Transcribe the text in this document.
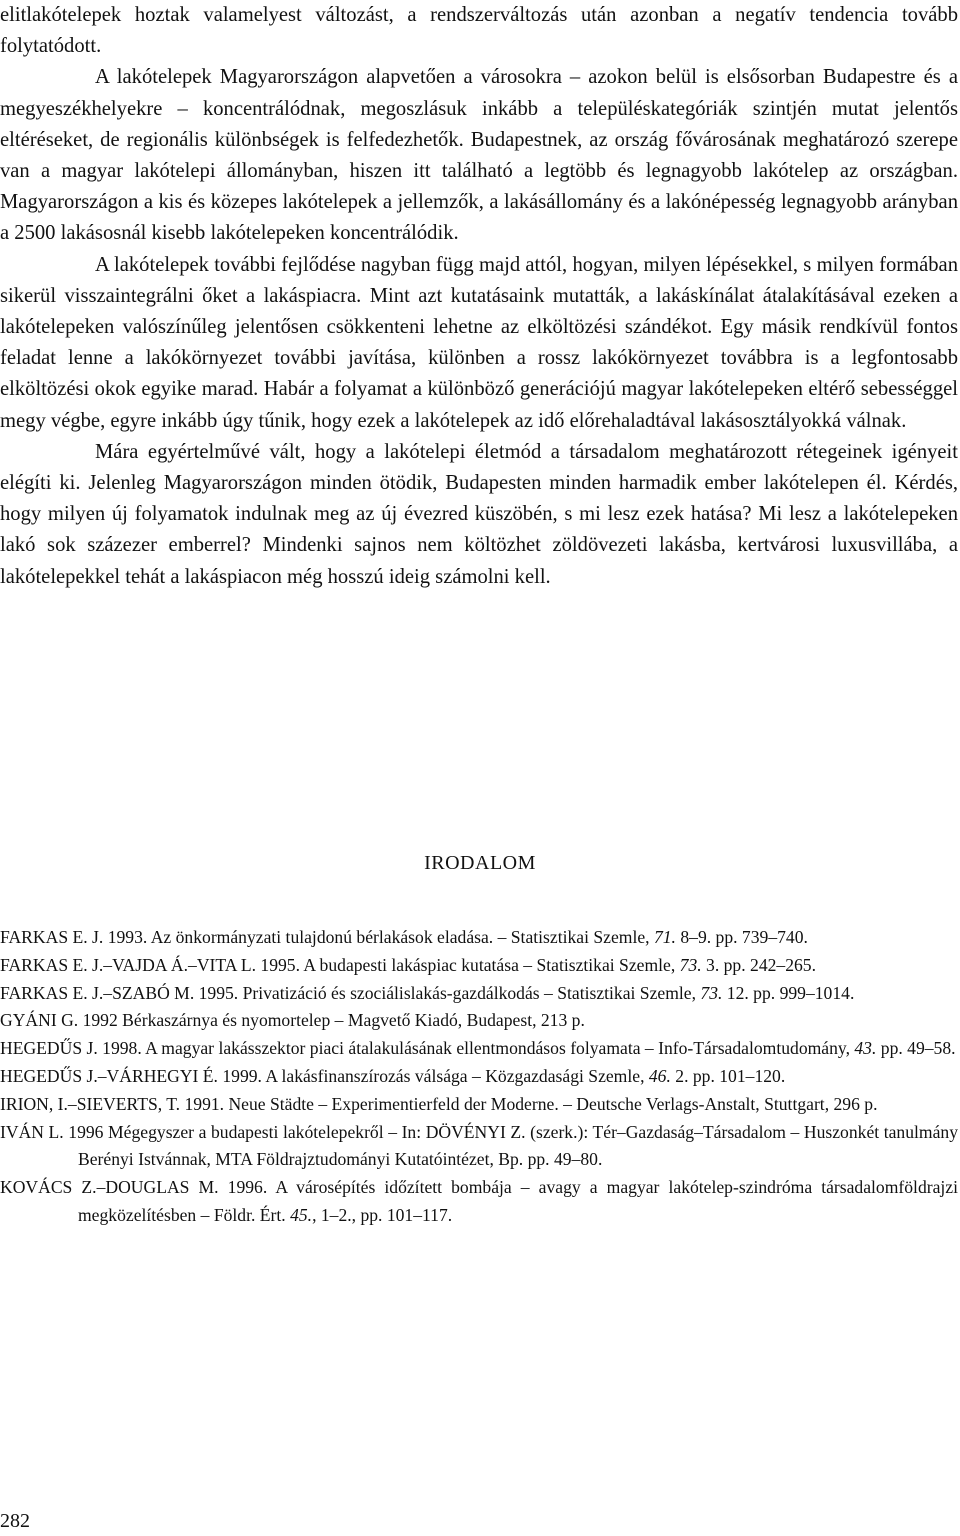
elitlakótelepek hoztak valamelyest változást, a rendszerváltozás után azonban a negatív tendencia tovább folytatódott.

A lakótelepek Magyarországon alapvetően a városokra – azokon belül is elsősorban Budapestre és a megyeszékhelyekre – koncentrálódnak, megoszlásuk inkább a településkategóriák szintjén mutat jelentős eltéréseket, de regionális különbségek is felfedezhetők. Budapestnek, az ország fővárosának meghatározó szerepe van a magyar lakótelepi állományban, hiszen itt található a legtöbb és legnagyobb lakótelep az országban. Magyarországon a kis és közepes lakótelepek a jellemzők, a lakásállomány és a lakónépesség legnagyobb arányban a 2500 lakásosnál kisebb lakótelepeken koncentrálódik.

A lakótelepek további fejlődése nagyban függ majd attól, hogyan, milyen lépésekkel, s milyen formában sikerül visszaintegrálni őket a lakáspiacra. Mint azt kutatásaink mutatták, a lakáskínálat átalakításával ezeken a lakótelepeken valószínűleg jelentősen csökkenteni lehetne az elköltözési szándékot. Egy másik rendkívül fontos feladat lenne a lakókörnyezet további javítása, különben a rossz lakókörnyezet továbbra is a legfontosabb elköltözési okok egyike marad. Habár a folyamat a különböző generációjú magyar lakótelepeken eltérő sebességgel megy végbe, egyre inkább úgy tűnik, hogy ezek a lakótelepek az idő előrehaladtával lakásosztályokká válnak.

Mára egyértelművé vált, hogy a lakótelepi életmód a társadalom meghatározott rétegeinek igényeit elégíti ki. Jelenleg Magyarországon minden ötödik, Budapesten minden harmadik ember lakótelepen él. Kérdés, hogy milyen új folyamatok indulnak meg az új évezred küszöbén, s mi lesz ezek hatása? Mi lesz a lakótelepeken lakó sok százezer emberrel? Mindenki sajnos nem költözhet zöldövezeti lakásba, kertvárosi luxusvillába, a lakótelepekkel tehát a lakáspiacon még hosszú ideig számolni kell.

IRODALOM

FARKAS E. J. 1993. Az önkormányzati tulajdonú bérlakások eladása. – Statisztikai Szemle, 71. 8–9. pp. 739–740.

FARKAS E. J.–VAJDA Á.–VITA L. 1995. A budapesti lakáspiac kutatása – Statisztikai Szemle, 73. 3. pp. 242–265.

FARKAS E. J.–SZABÓ M. 1995. Privatizáció és szociálislakás-gazdálkodás – Statisztikai Szemle, 73. 12. pp. 999–1014.

GYÁNI G. 1992 Bérkaszárnya és nyomortelep – Magvető Kiadó, Budapest, 213 p.

HEGEDŰS J. 1998. A magyar lakásszektor piaci átalakulásának ellentmondásos folyamata – Info-Társadalomtudomány, 43. pp. 49–58.

HEGEDŰS J.–VÁRHEGYI É. 1999. A lakásfinanszírozás válsága – Közgazdasági Szemle, 46. 2. pp. 101–120.

IRION, I.–SIEVERTS, T. 1991. Neue Städte – Experimentierfeld der Moderne. – Deutsche Verlags-Anstalt, Stuttgart, 296 p.

IVÁN L. 1996 Mégegyszer a budapesti lakótelepekről – In: DÖVÉNYI Z. (szerk.): Tér–Gazdaság–Társadalom – Huszonkét tanulmány Berényi Istvánnak, MTA Földrajztudományi Kutatóintézet, Bp. pp. 49–80.

KOVÁCS Z.–DOUGLAS M. 1996. A városépítés időzített bombája – avagy a magyar lakótelep-szindróma társadalomföldrajzi megközelítésben – Földr. Ért. 45., 1–2., pp. 101–117.

282
